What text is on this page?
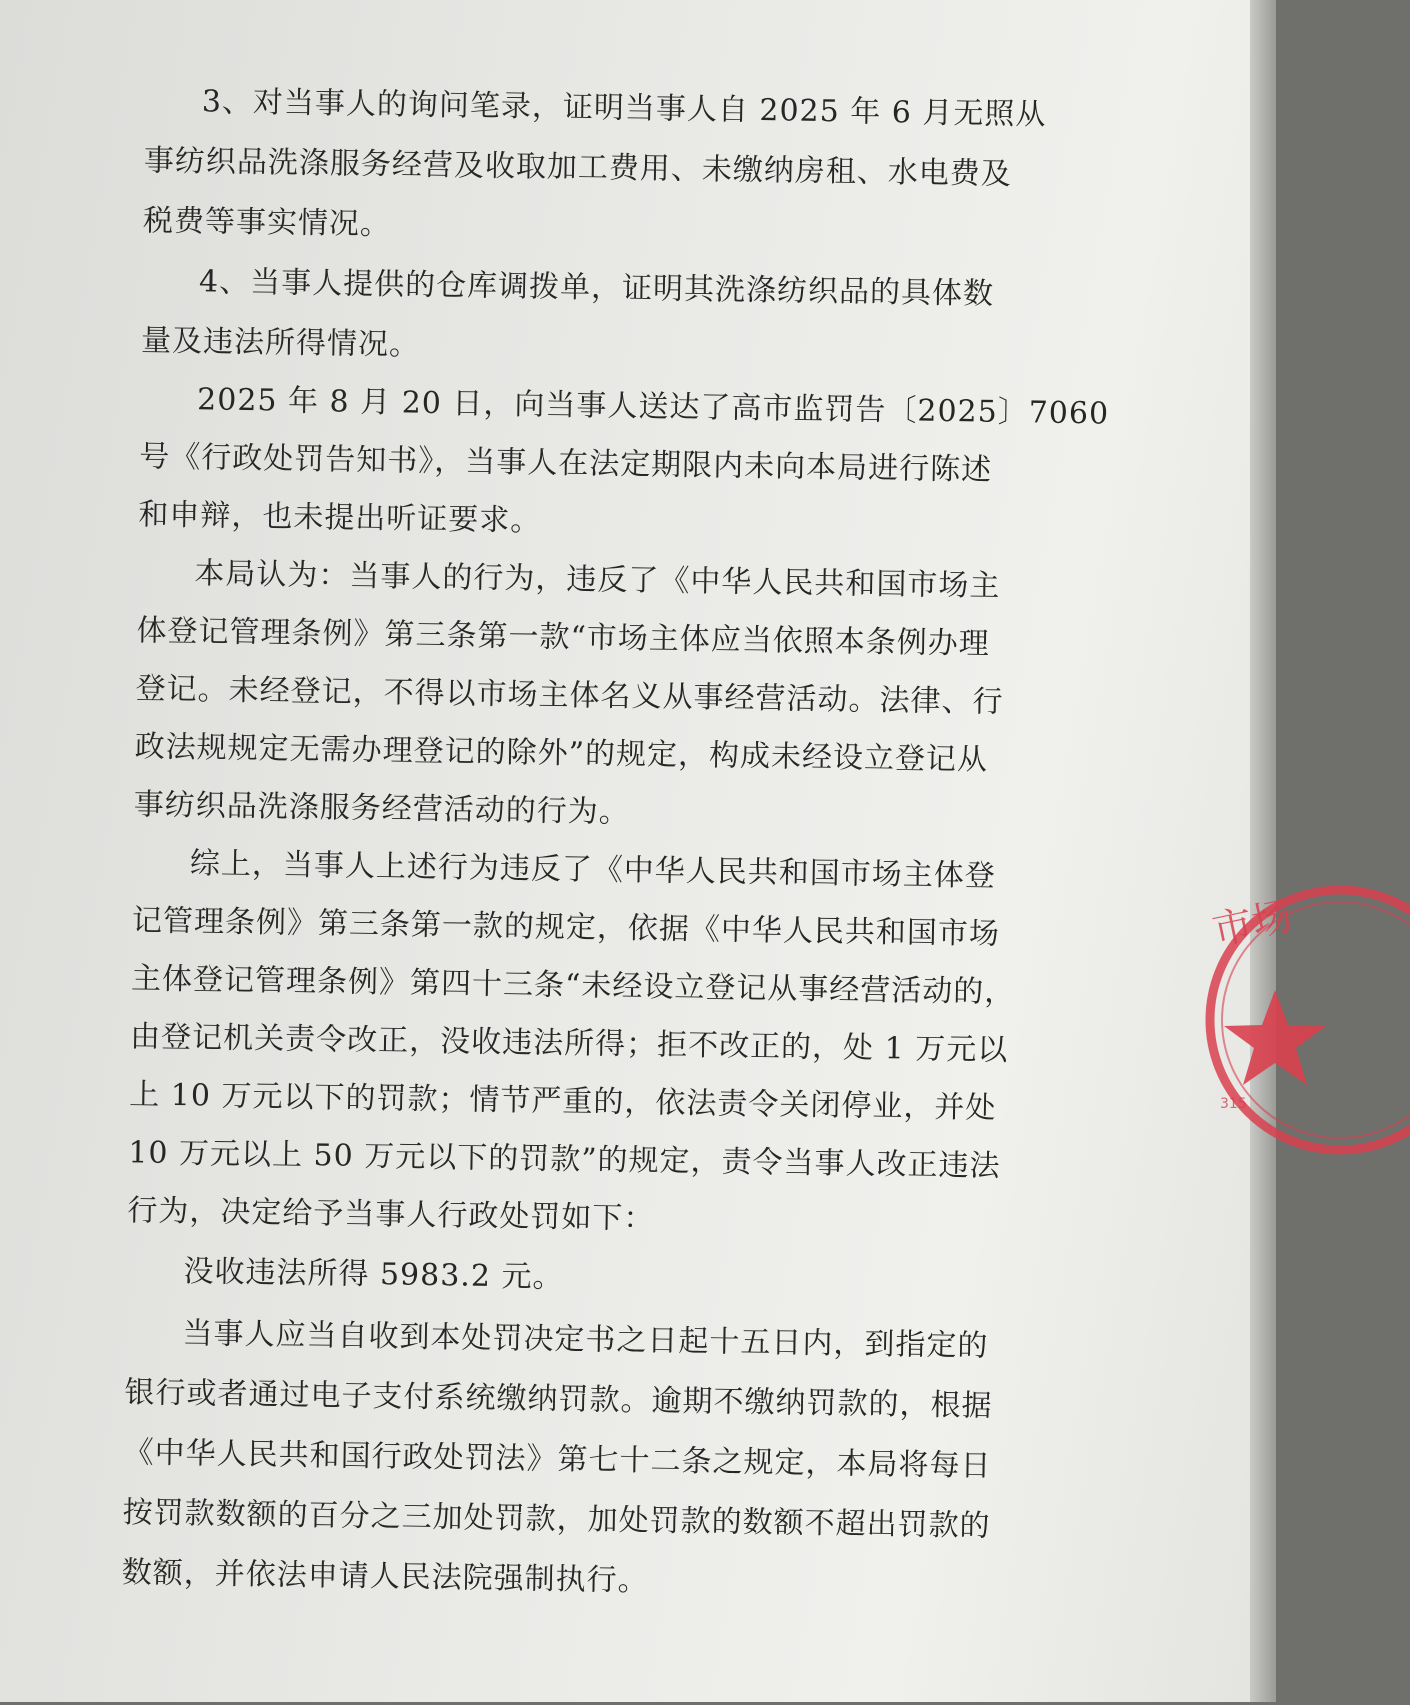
3、对当事人的询问笔录，证明当事人自 2025 年 6 月无照从
事纺织品洗涤服务经营及收取加工费用、未缴纳房租、水电费及
税费等事实情况。
4、当事人提供的仓库调拨单，证明其洗涤纺织品的具体数
量及违法所得情况。
2025 年 8 月 20 日，向当事人送达了高市监罚告〔2025〕7060
号《行政处罚告知书》，当事人在法定期限内未向本局进行陈述
和申辩，也未提出听证要求。
本局认为：当事人的行为，违反了《中华人民共和国市场主
体登记管理条例》第三条第一款“市场主体应当依照本条例办理
登记。未经登记，不得以市场主体名义从事经营活动。法律、行
政法规规定无需办理登记的除外”的规定，构成未经设立登记从
事纺织品洗涤服务经营活动的行为。
综上，当事人上述行为违反了《中华人民共和国市场主体登
记管理条例》第三条第一款的规定，依据《中华人民共和国市场
主体登记管理条例》第四十三条“未经设立登记从事经营活动的，
由登记机关责令改正，没收违法所得；拒不改正的，处 1 万元以
上 10 万元以下的罚款；情节严重的，依法责令关闭停业，并处
10 万元以上 50 万元以下的罚款”的规定，责令当事人改正违法
行为，决定给予当事人行政处罚如下：
没收违法所得 5983.2 元。
当事人应当自收到本处罚决定书之日起十五日内，到指定的
银行或者通过电子支付系统缴纳罚款。逾期不缴纳罚款的，根据
《中华人民共和国行政处罚法》第七十二条之规定，本局将每日
按罚款数额的百分之三加处罚款，加处罚款的数额不超出罚款的
数额，并依法申请人民法院强制执行。
市场
315
